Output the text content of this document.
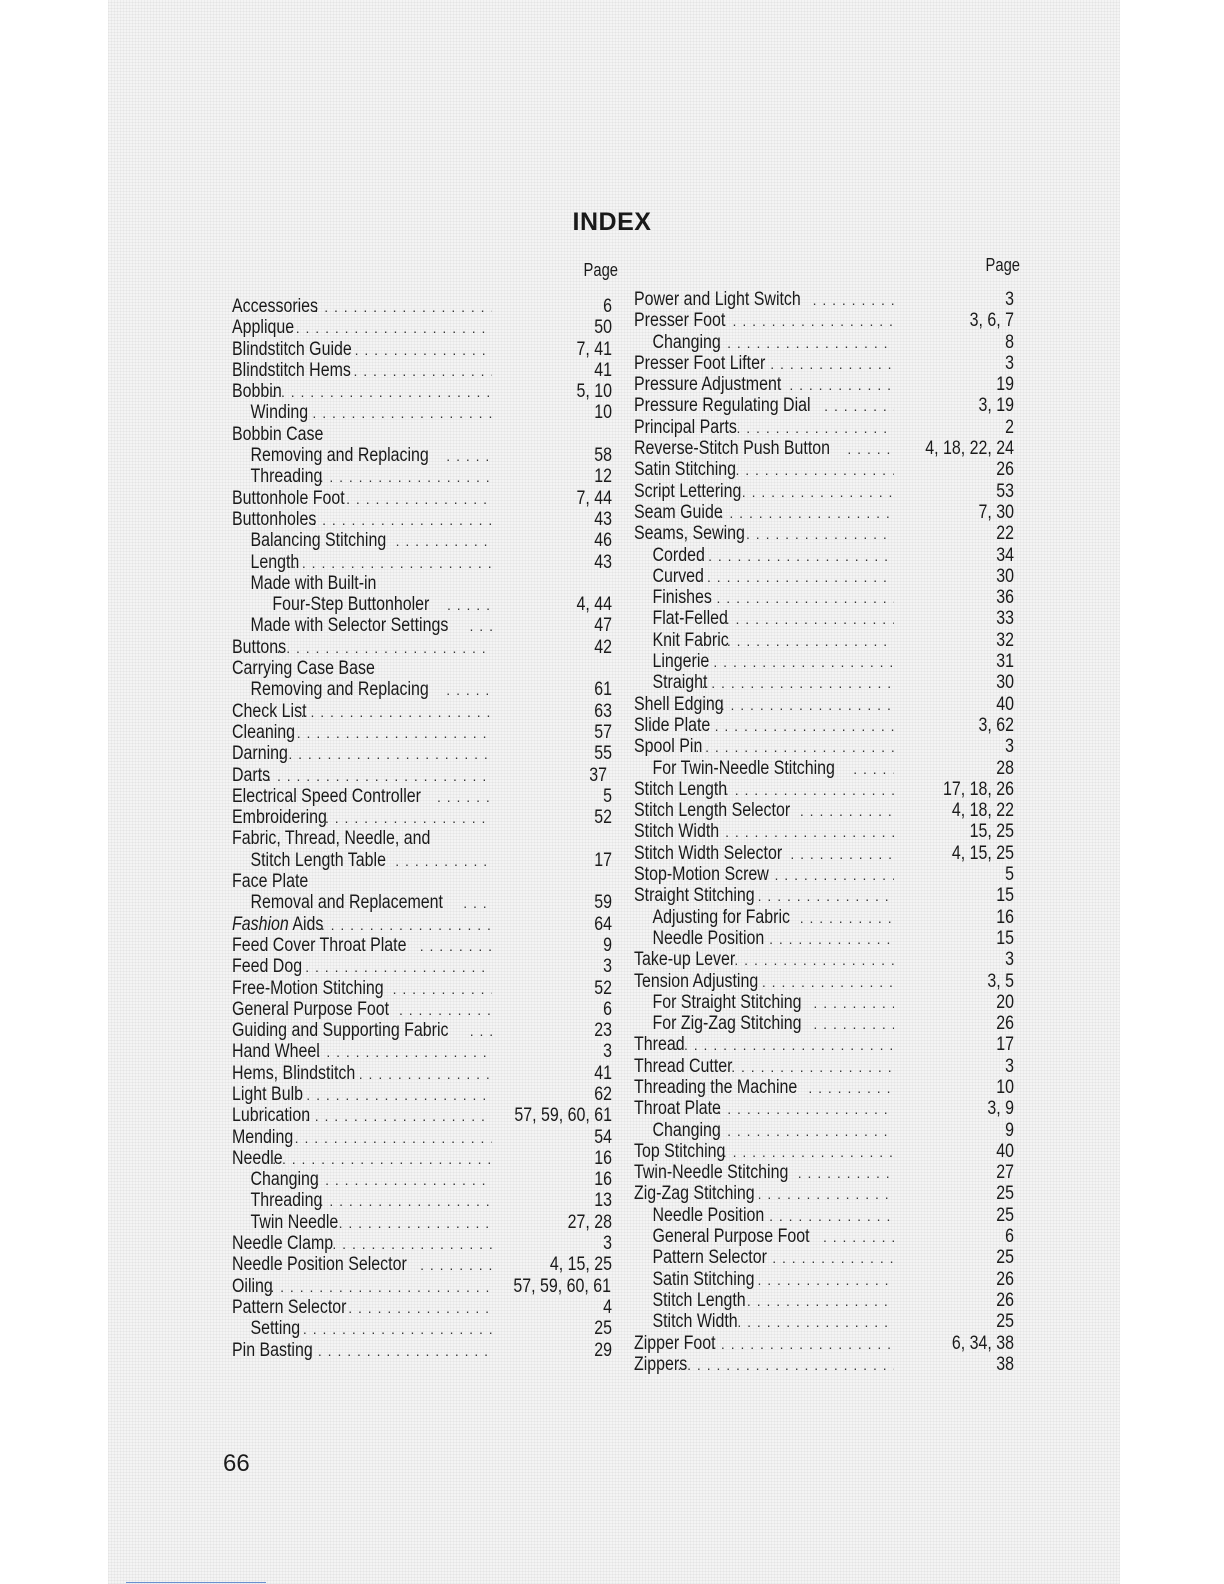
INDEX
Page	Page
Accessories . . .	6
Applique . . .	50
Blindstitch Guide . . .	7, 41
Blindstitch Hems . . .	41
Bobbin . . .	5, 10
Winding . . .	10
Bobbin Case
Removing and Replacing . . .	58
Threading . . .	12
Buttonhole Foot . . .	7, 44
Buttonholes . . .	43
Balancing Stitching . . .	46
Length . . .	43
Made with Built-in
Four-Step Buttonholer . . .	4, 44
Made with Selector Settings . . .	47
Buttons . . .	42
Carrying Case Base
Removing and Replacing . . .	61
Check List . . .	63
Cleaning . . .	57
Darning . . .	55
Darts . . .	37
Electrical Speed Controller . . .	5
Embroidering . . .	52
Fabric, Thread, Needle, and
Stitch Length Table . . .	17
Face Plate
Removal and Replacement . . .	59
Fashion Aids . . .	64
Feed Cover Throat Plate . . .	9
Feed Dog . . .	3
Free-Motion Stitching . . .	52
General Purpose Foot . . .	6
Guiding and Supporting Fabric . . .	23
Hand Wheel . . .	3
Hems, Blindstitch . . .	41
Light Bulb . . .	62
Lubrication . . .	57, 59, 60, 61
Mending . . .	54
Needle . . .	16
Changing . . .	16
Threading . . .	13
Twin Needle . . .	27, 28
Needle Clamp . . .	3
Needle Position Selector . . .	4, 15, 25
Oiling . . .	57, 59, 60, 61
Pattern Selector . . .	4
Setting . . .	25
Pin Basting . . .	29
Power and Light Switch . . .	3
Presser Foot . . .	3, 6, 7
Changing . . .	8
Presser Foot Lifter . . .	3
Pressure Adjustment . . .	19
Pressure Regulating Dial . . .	3, 19
Principal Parts . . .	2
Reverse-Stitch Push Button . . .	4, 18, 22, 24
Satin Stitching . . .	26
Script Lettering . . .	53
Seam Guide . . .	7, 30
Seams, Sewing . . .	22
Corded . . .	34
Curved . . .	30
Finishes . . .	36
Flat-Felled . . .	33
Knit Fabric . . .	32
Lingerie . . .	31
Straight . . .	30
Shell Edging . . .	40
Slide Plate . . .	3, 62
Spool Pin . . .	3
For Twin-Needle Stitching . . .	28
Stitch Length . . .	17, 18, 26
Stitch Length Selector . . .	4, 18, 22
Stitch Width . . .	15, 25
Stitch Width Selector . . .	4, 15, 25
Stop-Motion Screw . . .	5
Straight Stitching . . .	15
Adjusting for Fabric . . .	16
Needle Position . . .	15
Take-up Lever . . .	3
Tension Adjusting . . .	3, 5
For Straight Stitching . . .	20
For Zig-Zag Stitching . . .	26
Thread . . .	17
Thread Cutter . . .	3
Threading the Machine . . .	10
Throat Plate . . .	3, 9
Changing . . .	9
Top Stitching . . .	40
Twin-Needle Stitching . . .	27
Zig-Zag Stitching . . .	25
Needle Position . . .	25
General Purpose Foot . . .	6
Pattern Selector . . .	25
Satin Stitching . . .	26
Stitch Length . . .	26
Stitch Width . . .	25
Zipper Foot . . .	6, 34, 38
Zippers . . .	38
66
